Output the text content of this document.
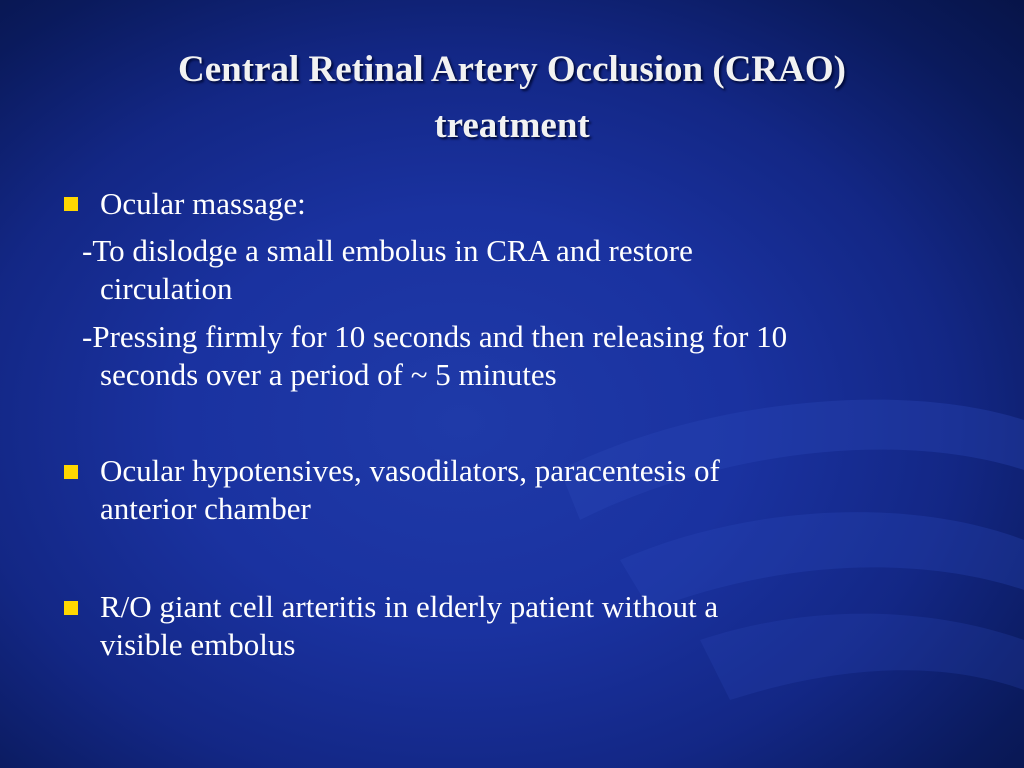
Central Retinal Artery Occlusion (CRAO)
treatment
Ocular massage:
-To dislodge a small embolus in CRA and restore
circulation
-Pressing firmly for 10 seconds and then releasing for 10
seconds over a period of ~ 5 minutes
Ocular hypotensives, vasodilators, paracentesis of
anterior chamber
R/O giant cell arteritis in elderly patient without a
visible embolus
